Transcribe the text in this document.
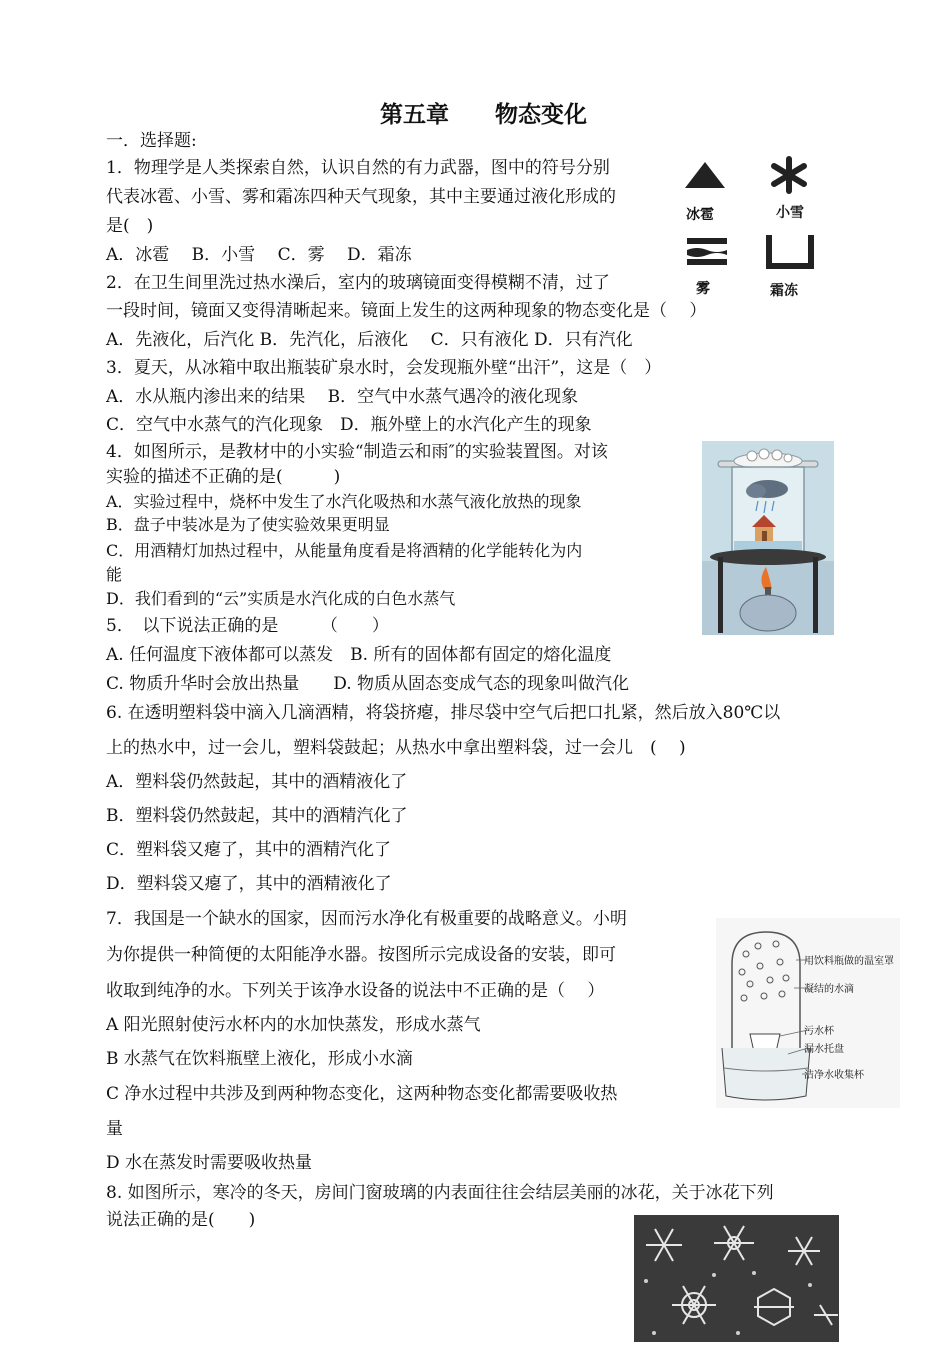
第五章　　物态变化
一．选择题:
1．物理学是人类探索自然，认识自然的有力武器，图中的符号分别
代表冰雹、小雪、雾和霜冻四种天气现象，其中主要通过液化形成的
是(　)
A．冰雹　 B．小雪　 C．雾　 D．霜冻
2．在卫生间里洗过热水澡后，室内的玻璃镜面变得模糊不清，过了
一段时间，镜面又变得清晰起来。镜面上发生的这两种现象的物态变化是（　 ）
A．先液化，后汽化 B．先汽化，后液化　 C．只有液化 D．只有汽化
3．夏天，从冰箱中取出瓶装矿泉水时，会发现瓶外壁“出汗”，这是（　）
A．水从瓶内渗出来的结果　 B．空气中水蒸气遇冷的液化现象
C．空气中水蒸气的汽化现象　D．瓶外壁上的水汽化产生的现象
4．如图所示，是教材中的小实验“制造云和雨″的实验装置图。对该
实验的描述不正确的是(　　　)
A．实验过程中，烧杯中发生了水汽化吸热和水蒸气液化放热的现象
B．盘子中装冰是为了使实验效果更明显
C．用酒精灯加热过程中，从能量角度看是将酒精的化学能转化为内
能
D．我们看到的“云”实质是水汽化成的白色水蒸气
5．　以下说法正确的是　　　（　　）
A. 任何温度下液体都可以蒸发　B. 所有的固体都有固定的熔化温度
C. 物质升华时会放出热量　　D. 物质从固态变成气态的现象叫做汽化
6. 在透明塑料袋中滴入几滴酒精，将袋挤瘪，排尽袋中空气后把口扎紧，然后放入80℃以
上的热水中，过一会儿，塑料袋鼓起；从热水中拿出塑料袋，过一会儿　(　 )
A．塑料袋仍然鼓起，其中的酒精液化了
B．塑料袋仍然鼓起，其中的酒精汽化了
C．塑料袋又瘪了，其中的酒精汽化了
D．塑料袋又瘪了，其中的酒精液化了
7．我国是一个缺水的国家，因而污水净化有极重要的战略意义。小明
为你提供一种简便的太阳能净水器。按图所示完成设备的安装，即可
收取到纯净的水。下列关于该净水设备的说法中不正确的是（　 ）
A 阳光照射使污水杯内的水加快蒸发，形成水蒸气
B 水蒸气在饮料瓶壁上液化，形成小水滴
C 净水过程中共涉及到两种物态变化，这两种物态变化都需要吸收热
量
D 水在蒸发时需要吸收热量
8. 如图所示，寒冷的冬天，房间门窗玻璃的内表面往往会结层美丽的冰花，关于冰花下列
说法正确的是(　　)
冰雹	小雪
雾	霜冻
用饮料瓶做的温室罩
凝结的水滴
污水杯
漏水托盘
洁净水收集杯
